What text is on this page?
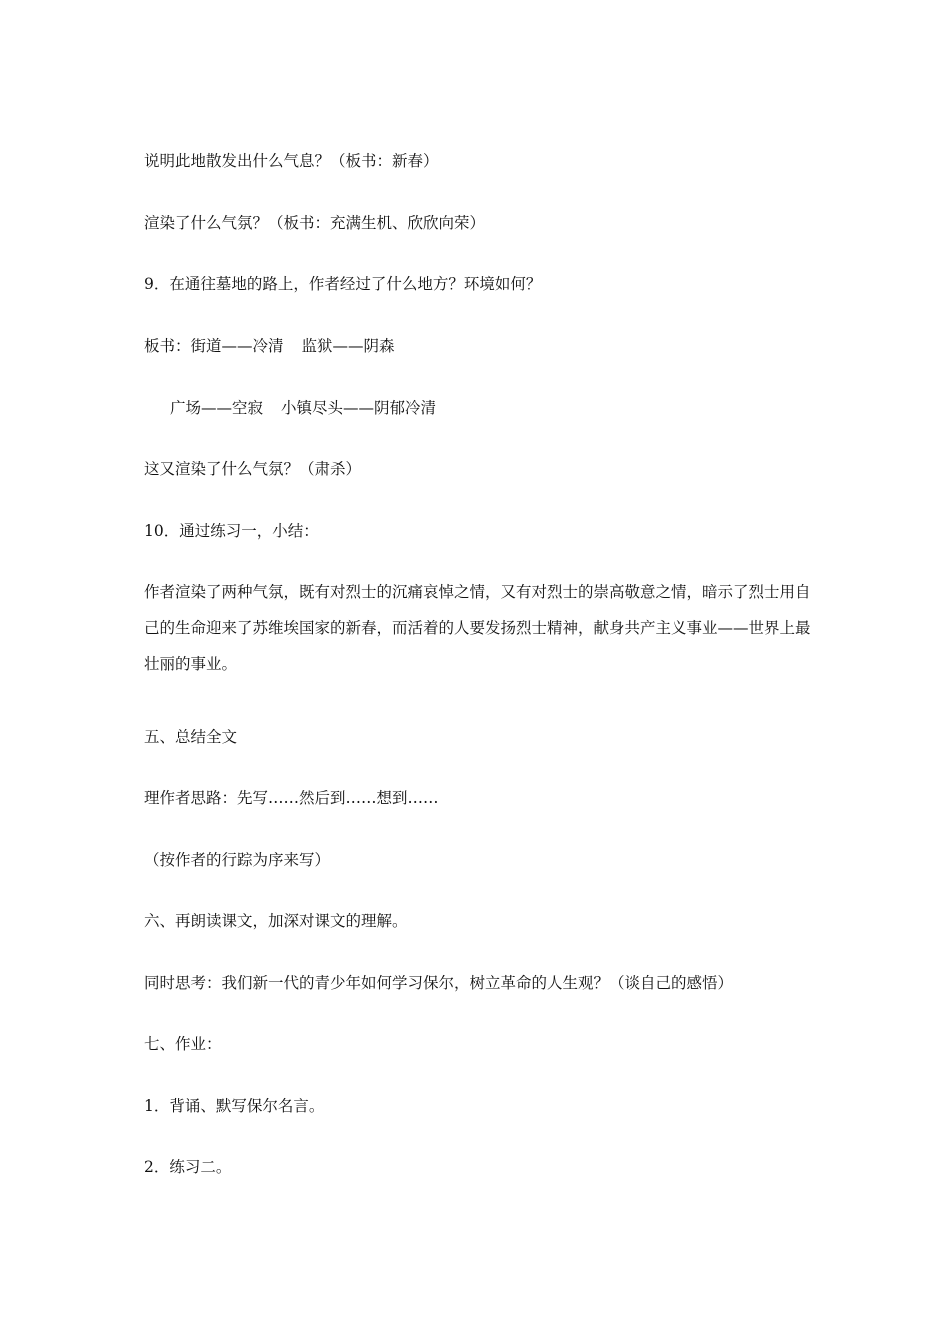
说明此地散发出什么气息？（板书：新春）
渲染了什么气氛？（板书：充满生机、欣欣向荣）
9．在通往墓地的路上，作者经过了什么地方？环境如何？
板书：街道——冷清 监狱——阴森
广场——空寂 小镇尽头——阴郁冷清
这又渲染了什么气氛？（肃杀）
10．通过练习一，小结：
作者渲染了两种气氛，既有对烈士的沉痛哀悼之情，又有对烈士的崇高敬意之情，暗示了烈士用自己的生命迎来了苏维埃国家的新春，而活着的人要发扬烈士精神，献身共产主义事业——世界上最壮丽的事业。
五、总结全文
理作者思路：先写……然后到……想到……
（按作者的行踪为序来写）
六、再朗读课文，加深对课文的理解。
同时思考：我们新一代的青少年如何学习保尔，树立革命的人生观？（谈自己的感悟）
七、作业：
1．背诵、默写保尔名言。
2．练习二。
